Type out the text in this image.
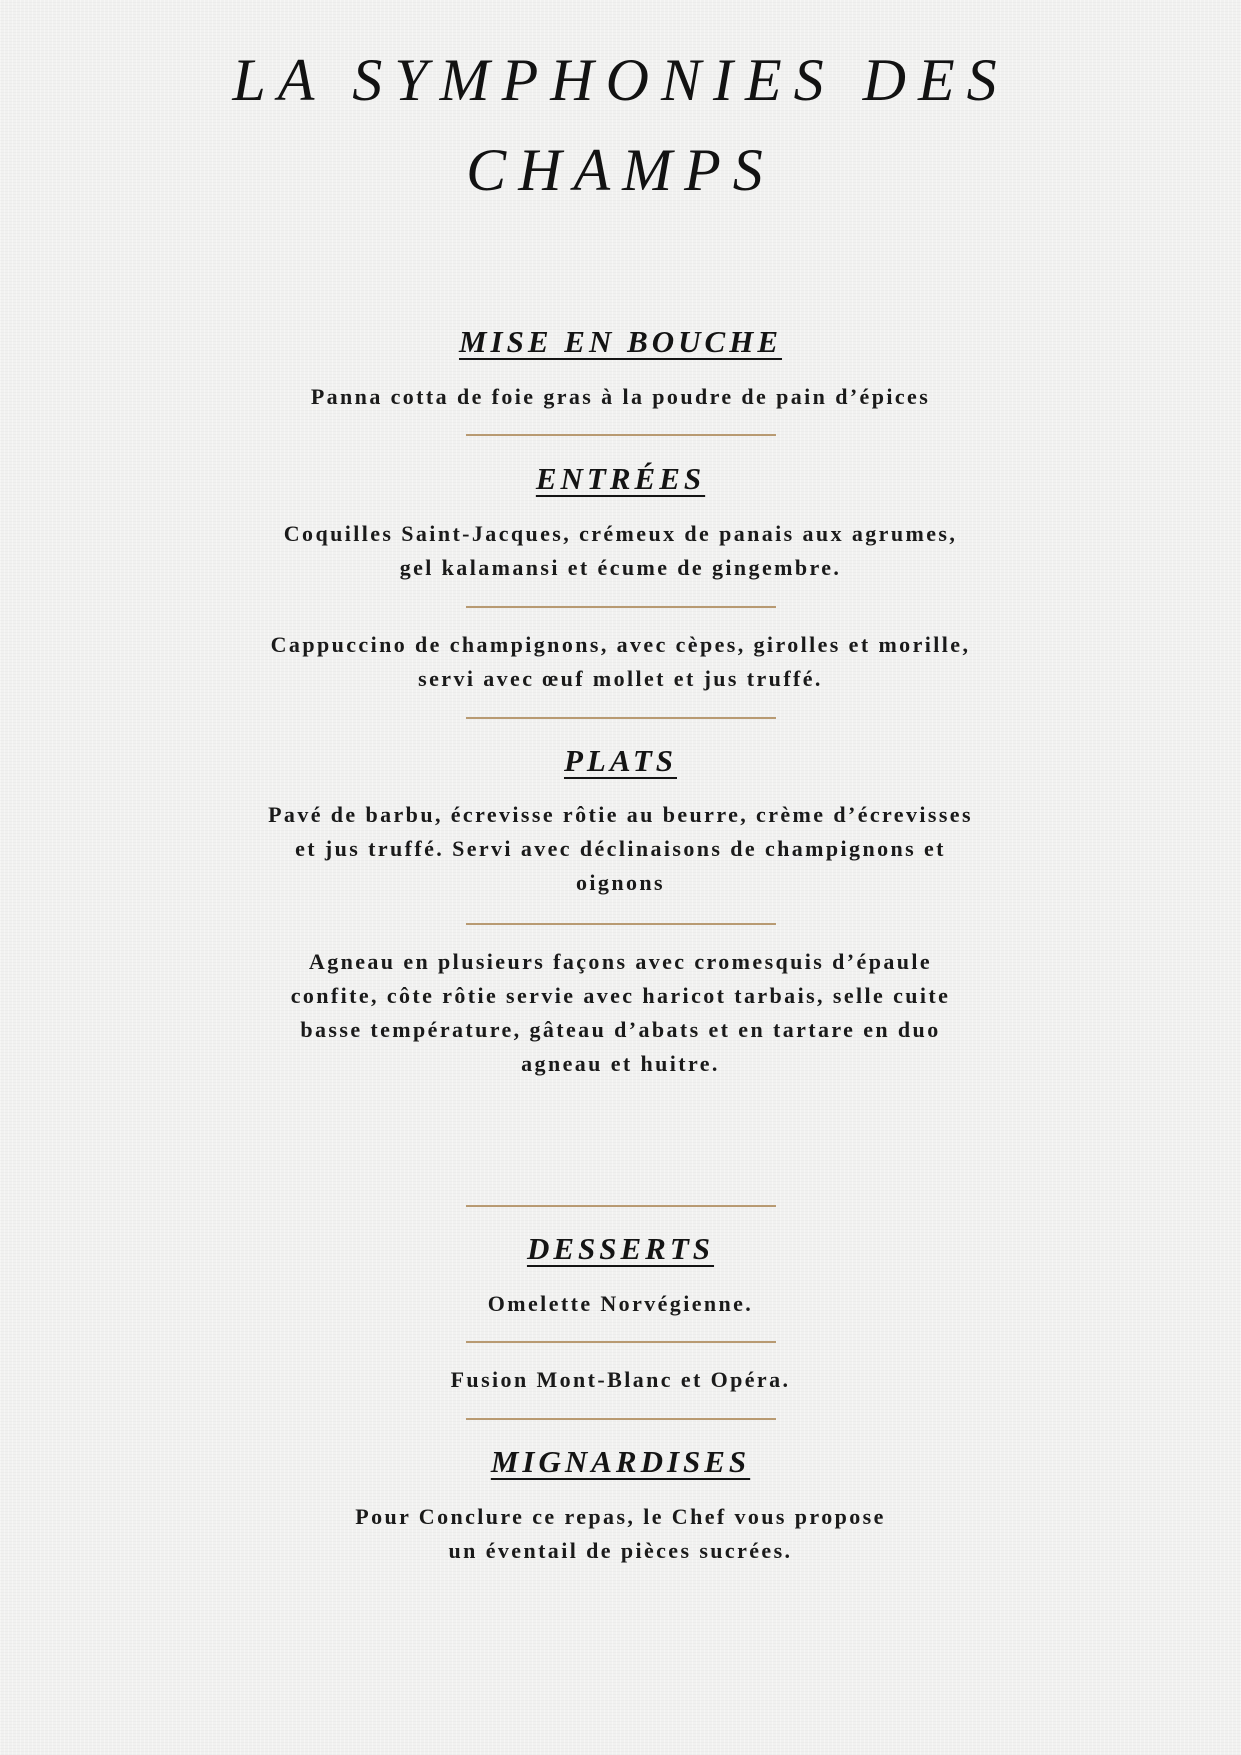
LA SYMPHONIES DES
CHAMPS
MISE EN BOUCHE

Panna cotta de foie gras à la poudre de pain d’épices

ENTRÉES

Coquilles Saint-Jacques, crémeux de panais aux agrumes,
gel kalamansi et écume de gingembre.

Cappuccino de champignons, avec cèpes, girolles et morille,
servi avec œuf mollet et jus truffé.

PLATS

Pavé de barbu, écrevisse rôtie au beurre, crème d’écrevisses
et jus truffé. Servi avec déclinaisons de champignons et
oignons

Agneau en plusieurs façons avec cromesquis d’épaule
confite, côte rôtie servie avec haricot tarbais, selle cuite
basse température, gâteau d’abats et en tartare en duo
agneau et huitre.

DESSERTS

Omelette Norvégienne.

Fusion Mont-Blanc et Opéra.

MIGNARDISES

Pour Conclure ce repas, le Chef vous propose
un éventail de pièces sucrées.
